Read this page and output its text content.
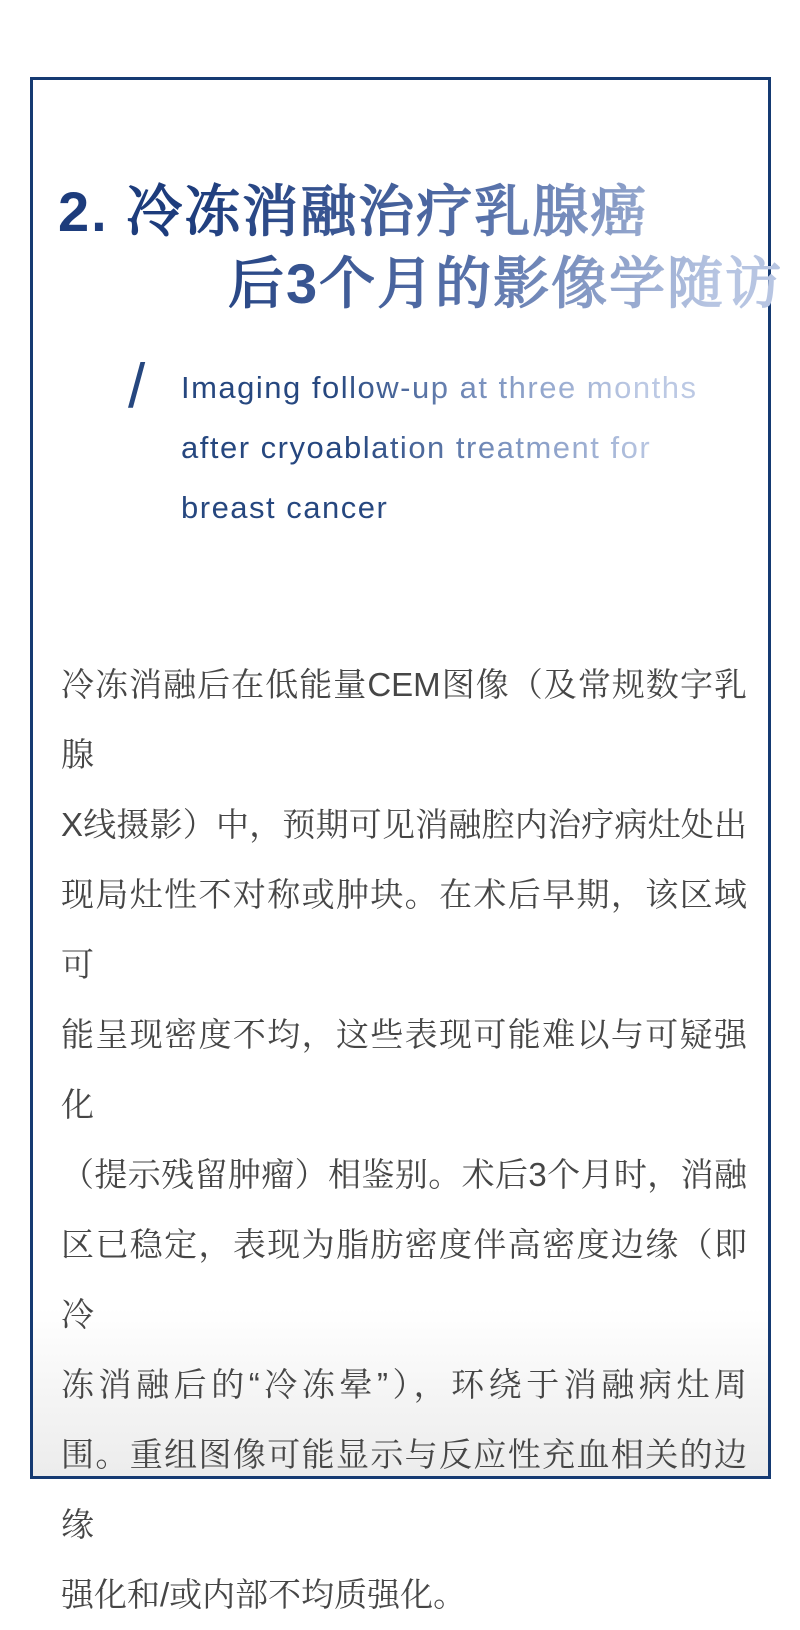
2. 冷冻消融治疗乳腺癌
后3个月的影像学随访
/ Imaging follow-up at three months
after cryoablation treatment for
breast cancer
冷冻消融后在低能量CEM图像（及常规数字乳腺
X线摄影）中，预期可见消融腔内治疗病灶处出
现局灶性不对称或肿块。在术后早期，该区域可
能呈现密度不均，这些表现可能难以与可疑强化
（提示残留肿瘤）相鉴别。术后3个月时，消融
区已稳定，表现为脂肪密度伴高密度边缘（即冷
冻消融后的“冷冻晕”），环绕于消融病灶周
围。重组图像可能显示与反应性充血相关的边缘
强化和/或内部不均质强化。
